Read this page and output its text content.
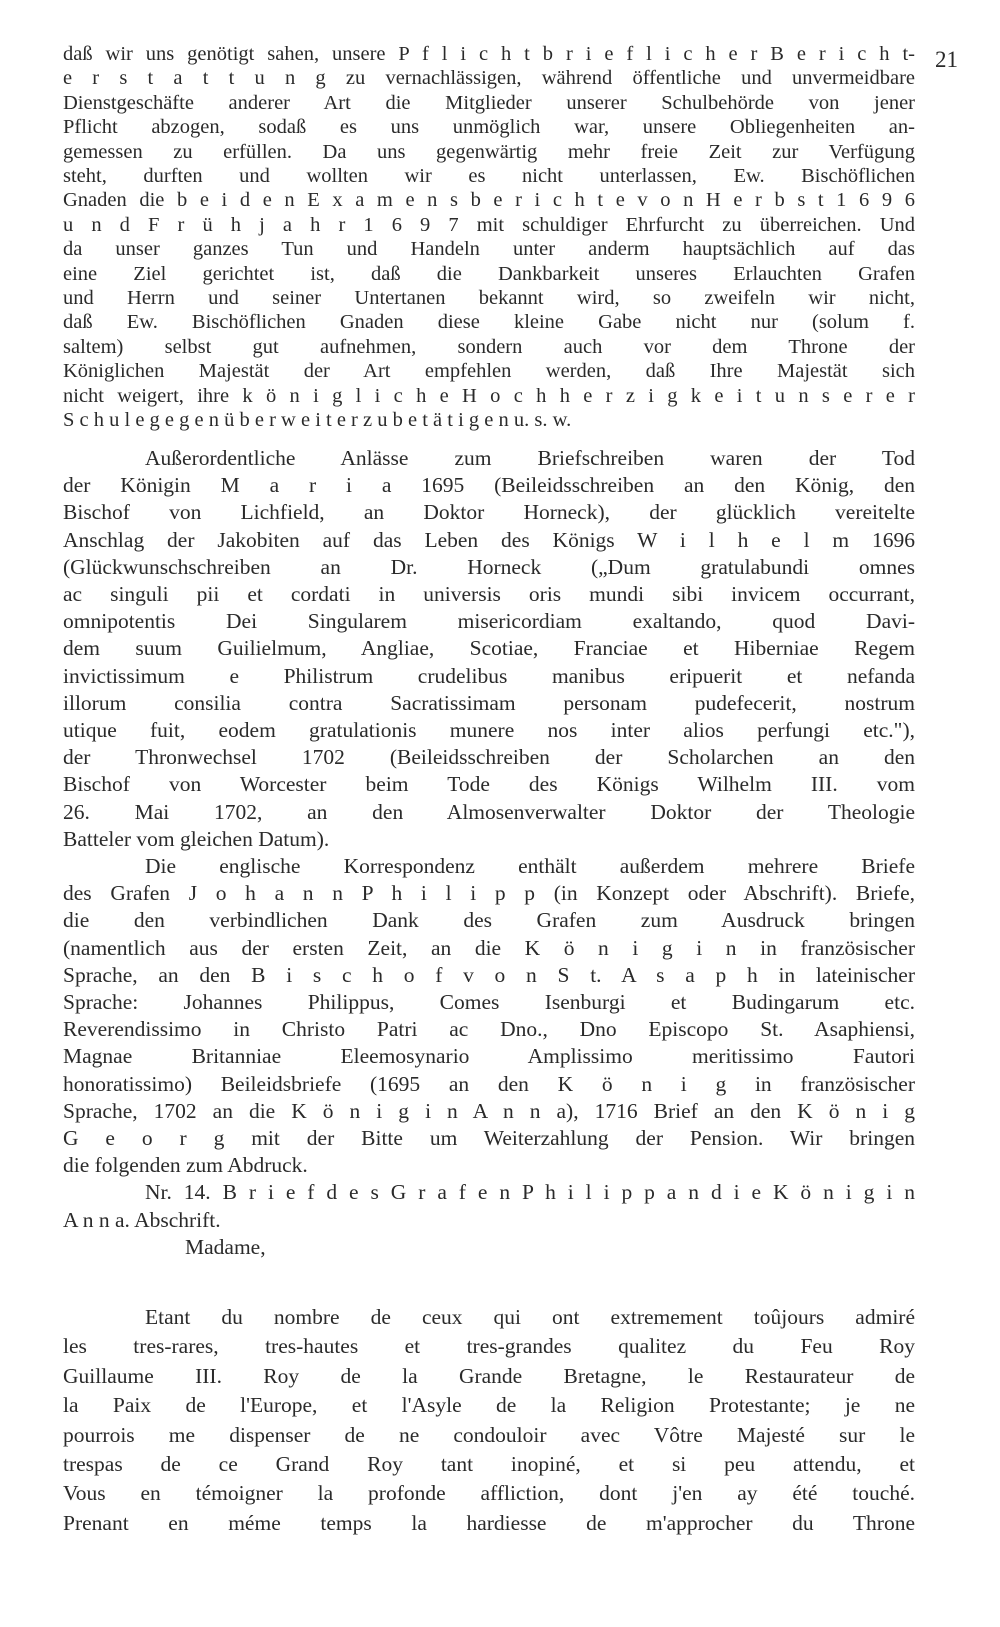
21
daß wir uns genötigt sahen, unsere P f l i c h t b r i e f l i c h e r B e r i c h t-
e r s t a t t u n g zu vernachlässigen, während öffentliche und unvermeidbare
Dienstgeschäfte anderer Art die Mitglieder unserer Schulbehörde von jener
Pflicht abzogen, sodaß es uns unmöglich war, unsere Obliegenheiten an-
gemessen zu erfüllen. Da uns gegenwärtig mehr freie Zeit zur Verfügung
steht, durften und wollten wir es nicht unterlassen, Ew. Bischöflichen
Gnaden die b e i d e n E x a m e n s b e r i c h t e v o n H e r b s t 1 6 9 6
u n d F r ü h j a h r 1 6 9 7 mit schuldiger Ehrfurcht zu überreichen. Und
da unser ganzes Tun und Handeln unter anderm hauptsächlich auf das
eine Ziel gerichtet ist, daß die Dankbarkeit unseres Erlauchten Grafen
und Herrn und seiner Untertanen bekannt wird, so zweifeln wir nicht,
daß Ew. Bischöflichen Gnaden diese kleine Gabe nicht nur (solum f.
saltem) selbst gut aufnehmen, sondern auch vor dem Throne der
Königlichen Majestät der Art empfehlen werden, daß Ihre Majestät sich
nicht weigert, ihre k ö n i g l i c h e H o c h h e r z i g k e i t u n s e r e r
S c h u l e g e g e n ü b e r w e i t e r z u b e t ä t i g e n u. s. w.
Außerordentliche Anlässe zum Briefschreiben waren der Tod
der Königin M a r i a 1695 (Beileidsschreiben an den König, den
Bischof von Lichfield, an Doktor Horneck), der glücklich vereitelte
Anschlag der Jakobiten auf das Leben des Königs W i l h e l m 1696
(Glückwunschschreiben an Dr. Horneck („Dum gratulabundi omnes
ac singuli pii et cordati in universis oris mundi sibi invicem occurrant,
omnipotentis Dei Singularem misericordiam exaltando, quod Davi-
dem suum Guilielmum, Angliae, Scotiae, Franciae et Hiberniae Regem
invictissimum e Philistrum crudelibus manibus eripuerit et nefanda
illorum consilia contra Sacratissimam personam pudefecerit, nostrum
utique fuit, eodem gratulationis munere nos inter alios perfungi etc."),
der Thronwechsel 1702 (Beileidsschreiben der Scholarchen an den
Bischof von Worcester beim Tode des Königs Wilhelm III. vom
26. Mai 1702, an den Almosenverwalter Doktor der Theologie
Batteler vom gleichen Datum).
Die englische Korrespondenz enthält außerdem mehrere Briefe
des Grafen J o h a n n P h i l i p p (in Konzept oder Abschrift). Briefe,
die den verbindlichen Dank des Grafen zum Ausdruck bringen
(namentlich aus der ersten Zeit, an die K ö n i g i n in französischer
Sprache, an den B i s c h o f v o n S t. A s a p h in lateinischer
Sprache: Johannes Philippus, Comes Isenburgi et Budingarum etc.
Reverendissimo in Christo Patri ac Dno., Dno Episcopo St. Asaphiensi,
Magnae Britanniae Eleemosynario Amplissimo meritissimo Fautori
honoratissimo) Beileidsbriefe (1695 an den K ö n i g in französischer
Sprache, 1702 an die K ö n i g i n A n n a), 1716 Brief an den K ö n i g
G e o r g mit der Bitte um Weiterzahlung der Pension. Wir bringen
die folgenden zum Abdruck.
Nr. 14. B r i e f d e s G r a f e n P h i l i p p a n d i e K ö n i g i n
A n n a. Abschrift.
Madame,
Etant du nombre de ceux qui ont extremement toûjours admiré
les tres-rares, tres-hautes et tres-grandes qualitez du Feu Roy
Guillaume III. Roy de la Grande Bretagne, le Restaurateur de
la Paix de l'Europe, et l'Asyle de la Religion Protestante; je ne
pourrois me dispenser de ne condouloir avec Vôtre Majesté sur le
trespas de ce Grand Roy tant inopiné, et si peu attendu, et
Vous en témoigner la profonde affliction, dont j'en ay été touché.
Prenant en méme temps la hardiesse de m'approcher du Throne
